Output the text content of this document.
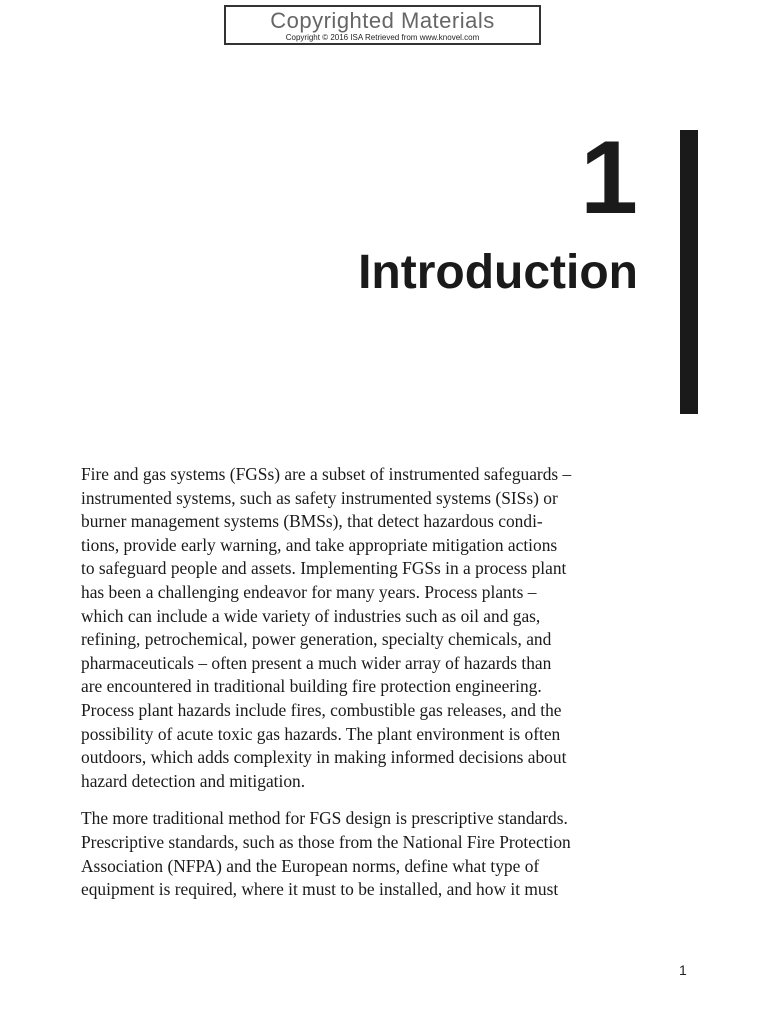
Copyrighted Materials
Copyright © 2016 ISA Retrieved from www.knovel.com
1
Introduction

Fire and gas systems (FGSs) are a subset of instrumented safeguards –
instrumented systems, such as safety instrumented systems (SISs) or
burner management systems (BMSs), that detect hazardous condi-
tions, provide early warning, and take appropriate mitigation actions
to safeguard people and assets. Implementing FGSs in a process plant
has been a challenging endeavor for many years. Process plants –
which can include a wide variety of industries such as oil and gas,
refining, petrochemical, power generation, specialty chemicals, and
pharmaceuticals – often present a much wider array of hazards than
are encountered in traditional building fire protection engineering.
Process plant hazards include fires, combustible gas releases, and the
possibility of acute toxic gas hazards. The plant environment is often
outdoors, which adds complexity in making informed decisions about
hazard detection and mitigation.

The more traditional method for FGS design is prescriptive standards.
Prescriptive standards, such as those from the National Fire Protection
Association (NFPA) and the European norms, define what type of
equipment is required, where it must to be installed, and how it must

1
